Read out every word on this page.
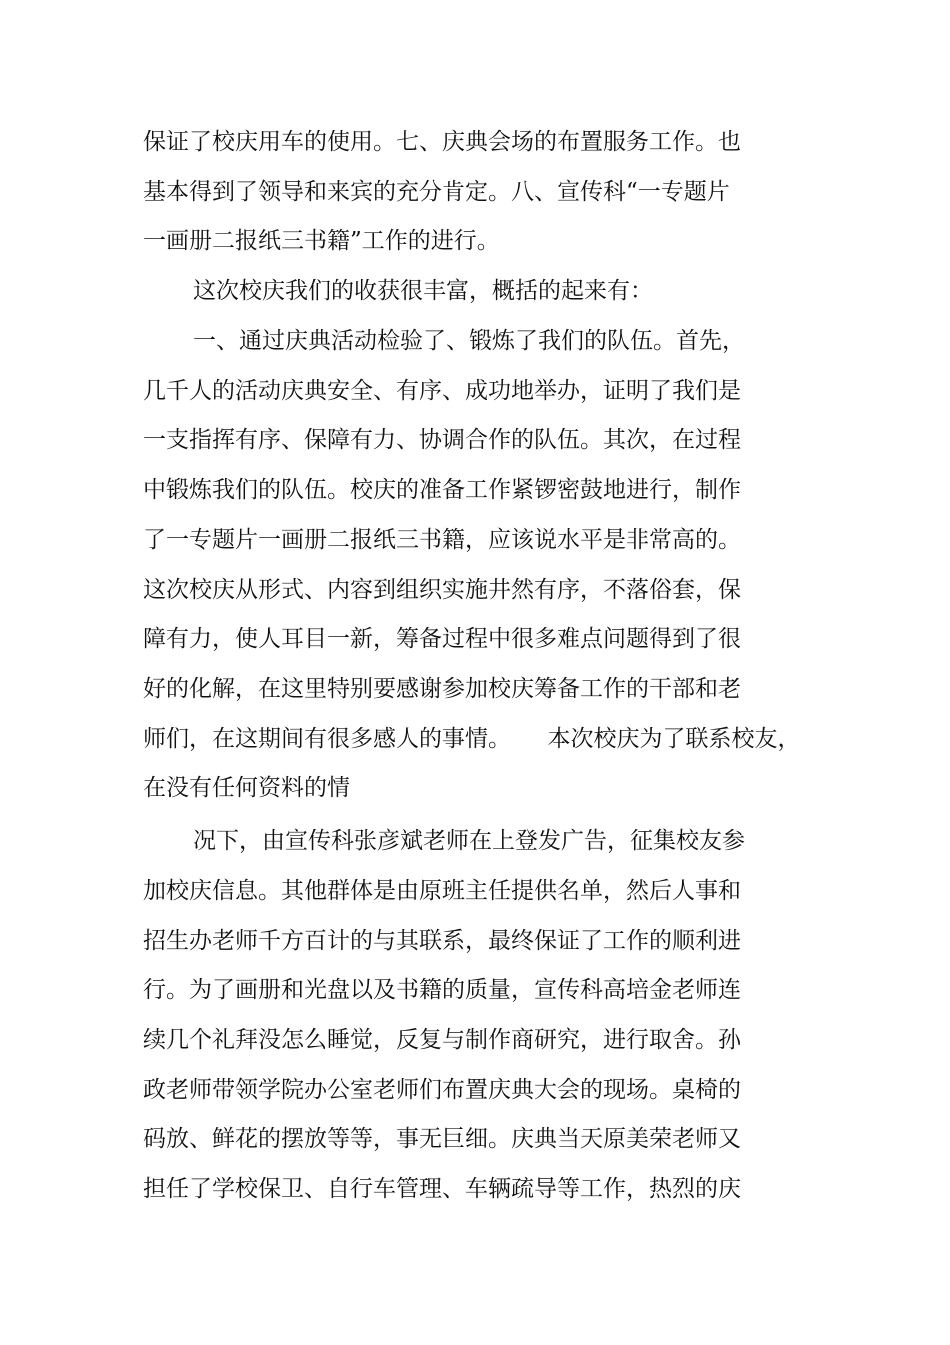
保证了校庆用车的使用。七、庆典会场的布置服务工作。也
基本得到了领导和来宾的充分肯定。八、宣传科“一专题片
一画册二报纸三书籍”工作的进行。
这次校庆我们的收获很丰富，概括的起来有：
一、通过庆典活动检验了、锻炼了我们的队伍。首先，
几千人的活动庆典安全、有序、成功地举办，证明了我们是
一支指挥有序、保障有力、协调合作的队伍。其次，在过程
中锻炼我们的队伍。校庆的准备工作紧锣密鼓地进行，制作
了一专题片一画册二报纸三书籍，应该说水平是非常高的。
这次校庆从形式、内容到组织实施井然有序，不落俗套，保
障有力，使人耳目一新，筹备过程中很多难点问题得到了很
好的化解，在这里特别要感谢参加校庆筹备工作的干部和老
师们，在这期间有很多感人的事情。     本次校庆为了联系校友，
在没有任何资料的情
况下，由宣传科张彦斌老师在上登发广告，征集校友参
加校庆信息。其他群体是由原班主任提供名单，然后人事和
招生办老师千方百计的与其联系，最终保证了工作的顺利进
行。为了画册和光盘以及书籍的质量，宣传科高培金老师连
续几个礼拜没怎么睡觉，反复与制作商研究，进行取舍。孙
政老师带领学院办公室老师们布置庆典大会的现场。桌椅的
码放、鲜花的摆放等等，事无巨细。庆典当天原美荣老师又
担任了学校保卫、自行车管理、车辆疏导等工作，热烈的庆
